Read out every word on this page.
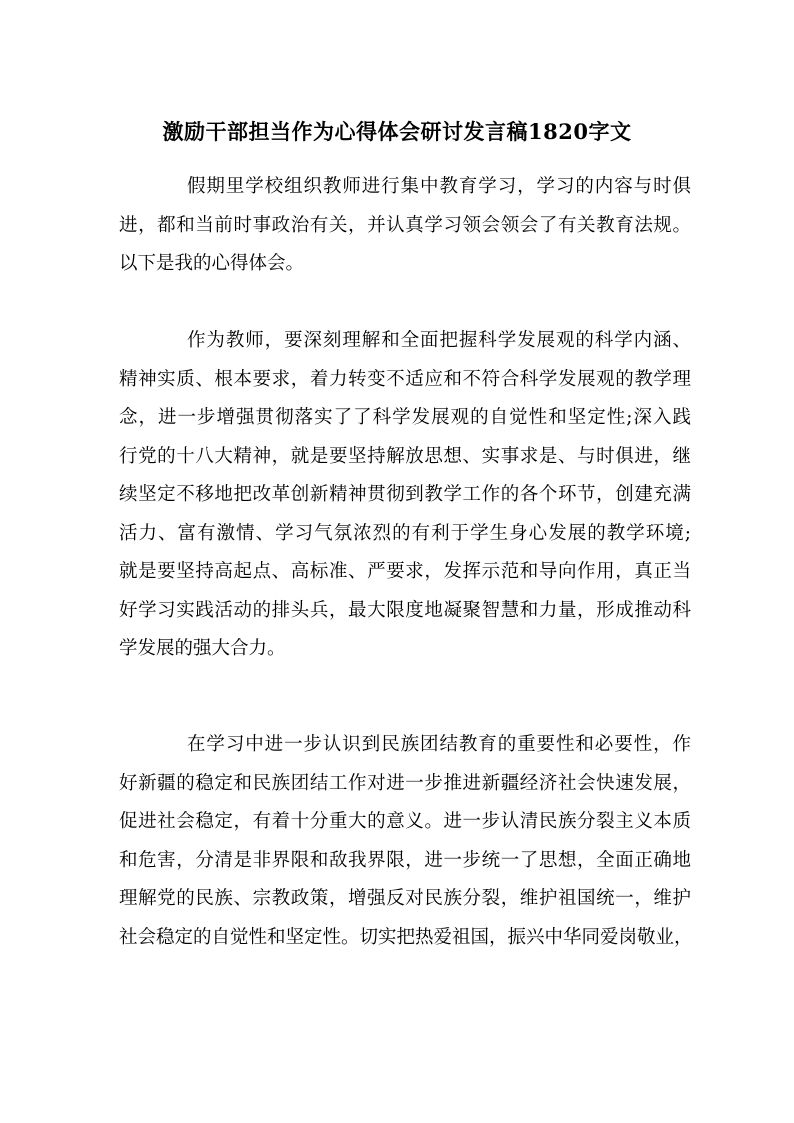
激励干部担当作为心得体会研讨发言稿1820字文
假期里学校组织教师进行集中教育学习，学习的内容与时俱
进，都和当前时事政治有关，并认真学习领会领会了有关教育法规。
以下是我的心得体会。
作为教师，要深刻理解和全面把握科学发展观的科学内涵、
精神实质、根本要求，着力转变不适应和不符合科学发展观的教学理
念，进一步增强贯彻落实了了科学发展观的自觉性和坚定性;深入践
行党的十八大精神，就是要坚持解放思想、实事求是、与时俱进，继
续坚定不移地把改革创新精神贯彻到教学工作的各个环节，创建充满
活力、富有激情、学习气氛浓烈的有利于学生身心发展的教学环境;
就是要坚持高起点、高标准、严要求，发挥示范和导向作用，真正当
好学习实践活动的排头兵，最大限度地凝聚智慧和力量，形成推动科
学发展的强大合力。
在学习中进一步认识到民族团结教育的重要性和必要性，作
好新疆的稳定和民族团结工作对进一步推进新疆经济社会快速发展，
促进社会稳定，有着十分重大的意义。进一步认清民族分裂主义本质
和危害，分清是非界限和敌我界限，进一步统一了思想，全面正确地
理解党的民族、宗教政策，增强反对民族分裂，维护祖国统一，维护
社会稳定的自觉性和坚定性。切实把热爱祖国，振兴中华同爱岗敬业，
